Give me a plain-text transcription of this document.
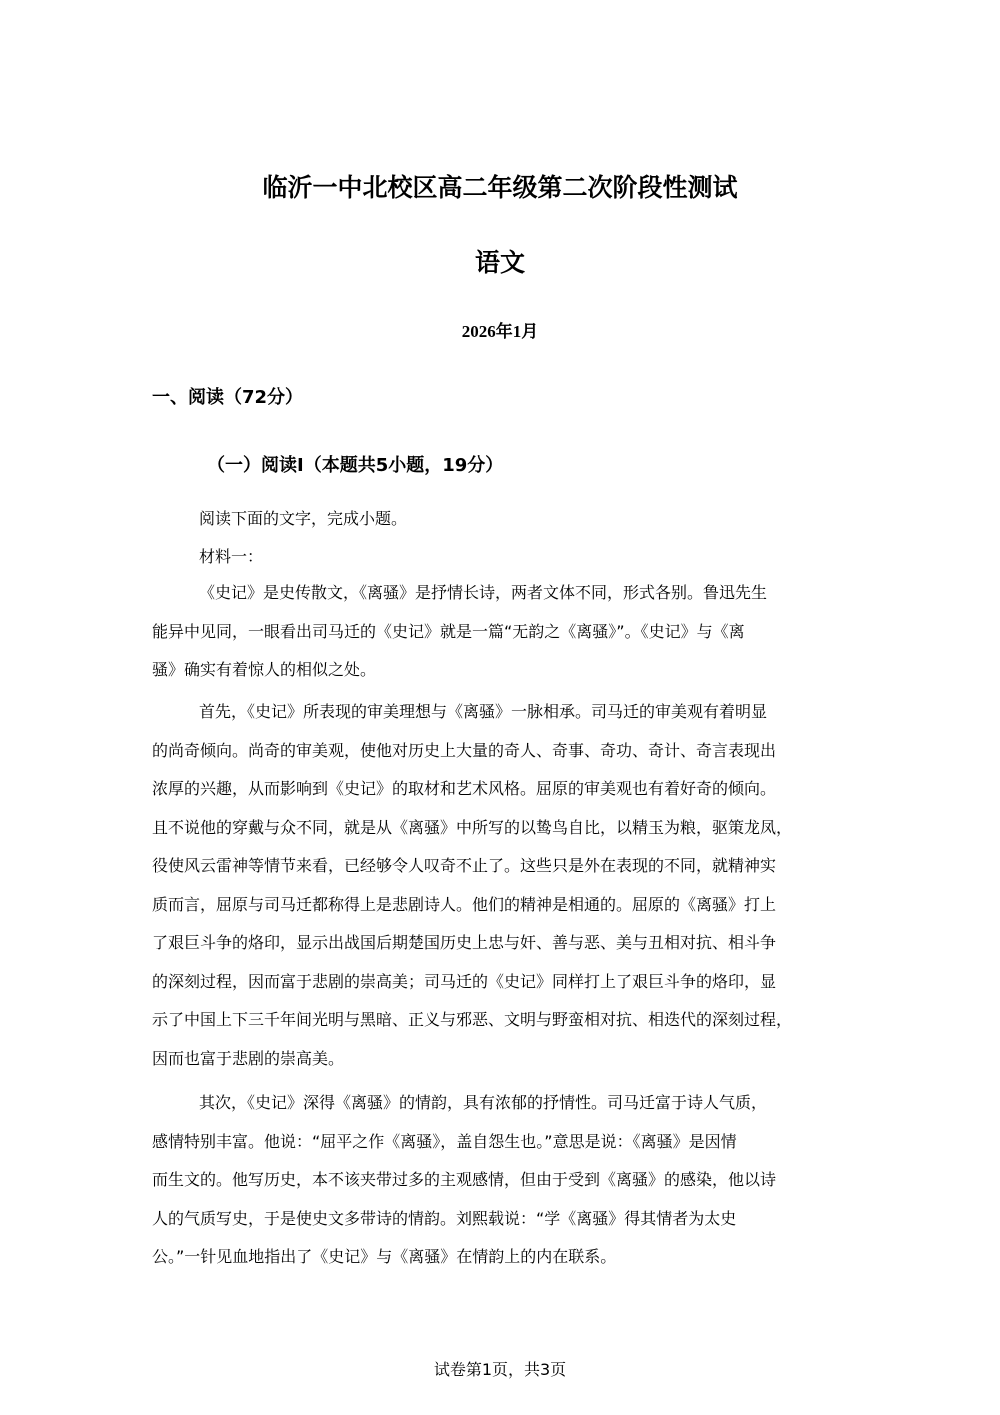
临沂一中北校区高二年级第二次阶段性测试
语文
2026年1月
一、阅读（72分）
（一）阅读Ⅰ（本题共5小题，19分）
阅读下面的文字，完成小题。
材料一：
《史记》是史传散文，《离骚》是抒情长诗，两者文体不同，形式各别。鲁迅先生
能异中见同，一眼看出司马迁的《史记》就是一篇“无韵之《离骚》”。《史记》与《离
骚》确实有着惊人的相似之处。
首先，《史记》所表现的审美理想与《离骚》一脉相承。司马迁的审美观有着明显
的尚奇倾向。尚奇的审美观，使他对历史上大量的奇人、奇事、奇功、奇计、奇言表现出
浓厚的兴趣，从而影响到《史记》的取材和艺术风格。屈原的审美观也有着好奇的倾向。
且不说他的穿戴与众不同，就是从《离骚》中所写的以鸷鸟自比，以精玉为粮，驱策龙凤，
役使风云雷神等情节来看，已经够令人叹奇不止了。这些只是外在表现的不同，就精神实
质而言，屈原与司马迁都称得上是悲剧诗人。他们的精神是相通的。屈原的《离骚》打上
了艰巨斗争的烙印，显示出战国后期楚国历史上忠与奸、善与恶、美与丑相对抗、相斗争
的深刻过程，因而富于悲剧的崇高美；司马迁的《史记》同样打上了艰巨斗争的烙印，显
示了中国上下三千年间光明与黑暗、正义与邪恶、文明与野蛮相对抗、相迭代的深刻过程，
因而也富于悲剧的崇高美。
其次，《史记》深得《离骚》的情韵，具有浓郁的抒情性。司马迁富于诗人气质，
感情特别丰富。他说：“屈平之作《离骚》，盖自怨生也。”意思是说：《离骚》是因情
而生文的。他写历史，本不该夹带过多的主观感情，但由于受到《离骚》的感染，他以诗
人的气质写史，于是使史文多带诗的情韵。刘熙载说：“学《离骚》得其情者为太史
公。”一针见血地指出了《史记》与《离骚》在情韵上的内在联系。
试卷第1页，共3页
